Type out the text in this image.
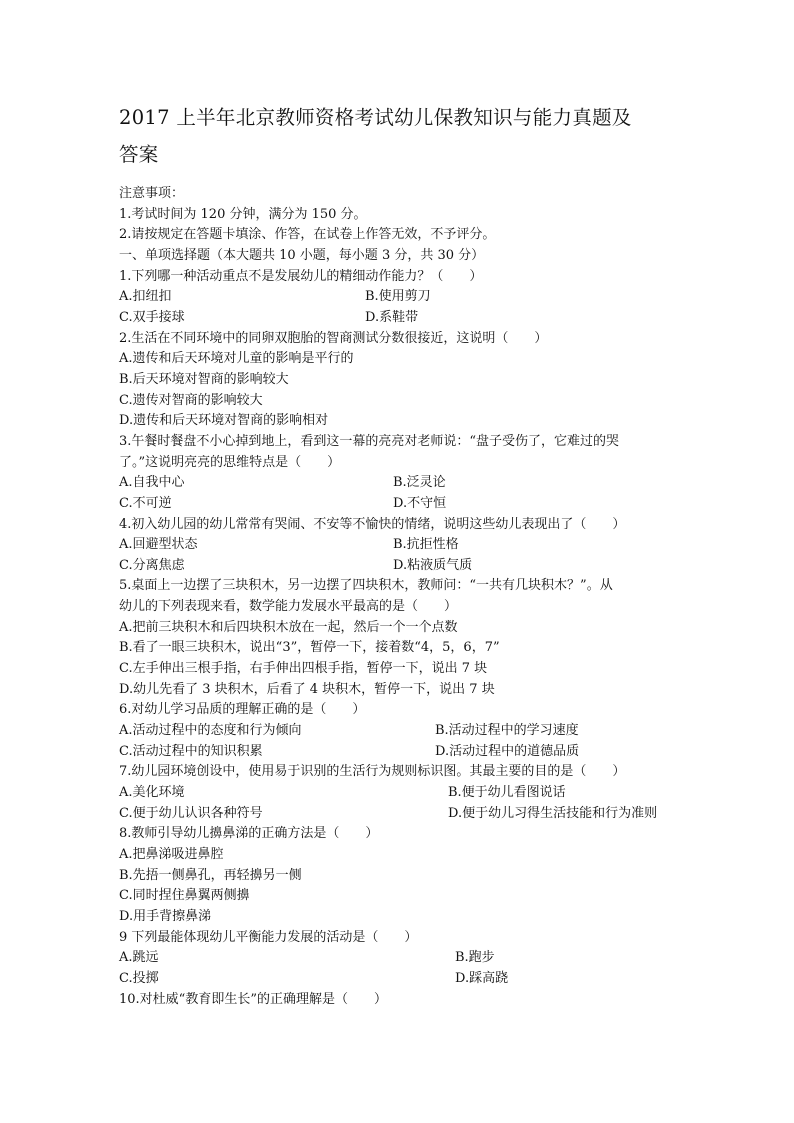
2017 上半年北京教师资格考试幼儿保教知识与能力真题及
答案
注意事项：
1.考试时间为 120 分钟，满分为 150 分。
2.请按规定在答题卡填涂、作答，在试卷上作答无效，不予评分。
一、单项选择题（本大题共 10 小题，每小题 3 分，共 30 分）
1.下列哪一种活动重点不是发展幼儿的精细动作能力？（　　）
A.扣纽扣	B.使用剪刀
C.双手接球	D.系鞋带
2.生活在不同环境中的同卵双胞胎的智商测试分数很接近，这说明（　　）
A.遗传和后天环境对儿童的影响是平行的
B.后天环境对智商的影响较大
C.遗传对智商的影响较大
D.遗传和后天环境对智商的影响相对
3.午餐时餐盘不小心掉到地上，看到这一幕的亮亮对老师说：“盘子受伤了，它难过的哭
了。”这说明亮亮的思维特点是（　　）
A.自我中心	B.泛灵论
C.不可逆	D.不守恒
4.初入幼儿园的幼儿常常有哭闹、不安等不愉快的情绪，说明这些幼儿表现出了（　　）
A.回避型状态	B.抗拒性格
C.分离焦虑	D.粘液质气质
5.桌面上一边摆了三块积木，另一边摆了四块积木，教师问：“一共有几块积木？”。从
幼儿的下列表现来看，数学能力发展水平最高的是（　　）
A.把前三块积木和后四块积木放在一起，然后一个一个点数
B.看了一眼三块积木，说出“3”，暂停一下，接着数“4，5，6，7”
C.左手伸出三根手指，右手伸出四根手指，暂停一下，说出 7 块
D.幼儿先看了 3 块积木，后看了 4 块积木，暂停一下，说出 7 块
6.对幼儿学习品质的理解正确的是（　　）
A.活动过程中的态度和行为倾向	B.活动过程中的学习速度
C.活动过程中的知识积累	D.活动过程中的道德品质
7.幼儿园环境创设中，使用易于识别的生活行为规则标识图。其最主要的目的是（　　）
A.美化环境	B.便于幼儿看图说话
C.便于幼儿认识各种符号	D.便于幼儿习得生活技能和行为准则
8.教师引导幼儿擤鼻涕的正确方法是（　　）
A.把鼻涕吸进鼻腔
B.先捂一侧鼻孔，再轻擤另一侧
C.同时捏住鼻翼两侧擤
D.用手背擦鼻涕
9 下列最能体现幼儿平衡能力发展的活动是（　　）
A.跳远	B.跑步
C.投掷	D.踩高跷
10.对杜威“教育即生长”的正确理解是（　　）
